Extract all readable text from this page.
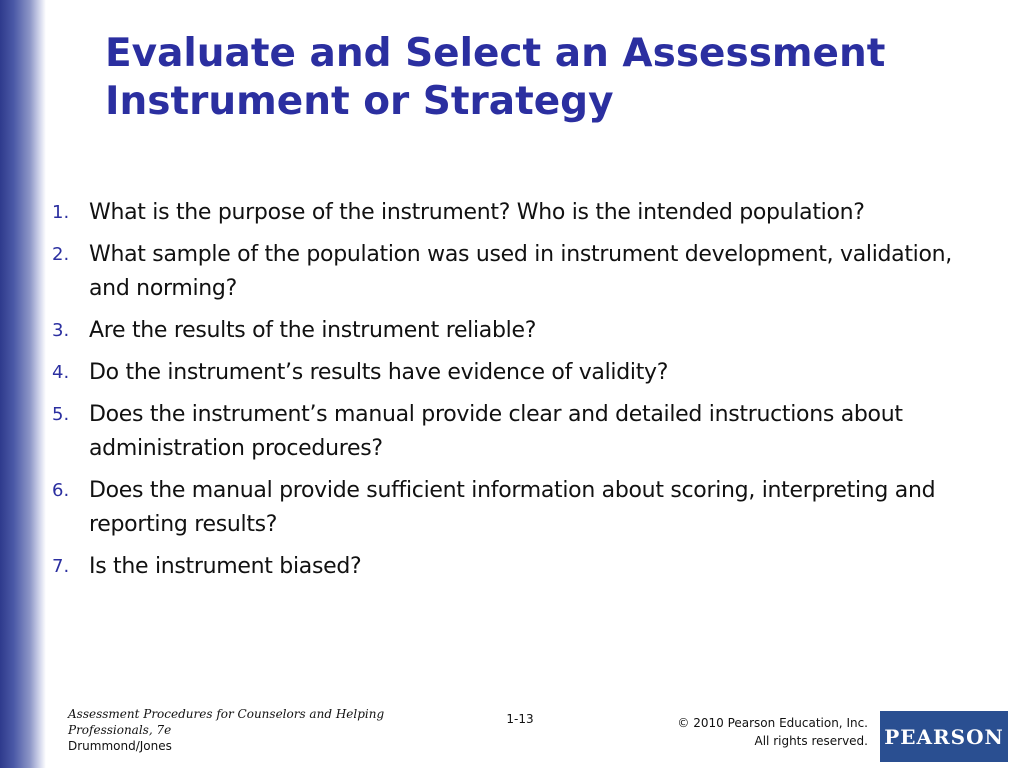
Evaluate and Select an Assessment Instrument or Strategy
1. What is the purpose of the instrument? Who is the intended population?
2. What sample of the population was used in instrument development, validation, and norming?
3. Are the results of the instrument reliable?
4. Do the instrument’s results have evidence of validity?
5. Does the instrument’s manual provide clear and detailed instructions about administration procedures?
6. Does the manual provide sufficient information about scoring, interpreting and reporting results?
7. Is the instrument biased?
Assessment Procedures for Counselors and Helping Professionals, 7e
Drummond/Jones
1-13	© 2010 Pearson Education, Inc.
All rights reserved. PEARSON
